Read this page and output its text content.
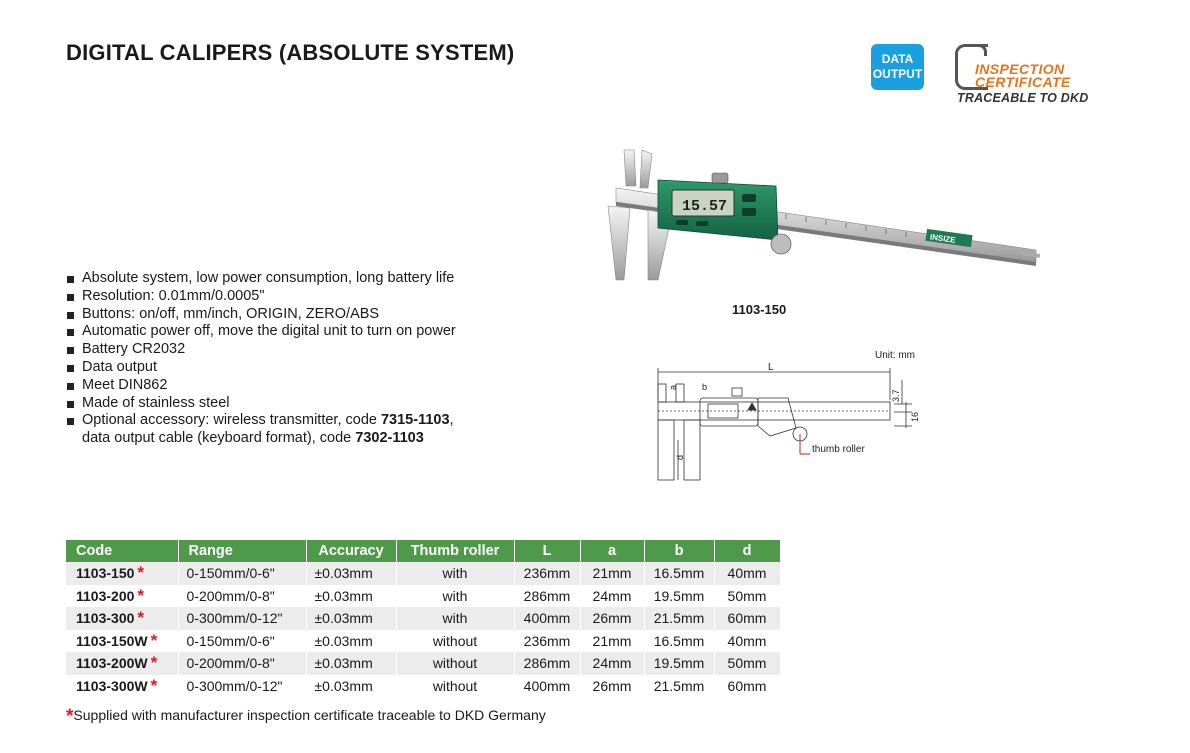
DIGITAL CALIPERS (ABSOLUTE SYSTEM)	DATA
OUTPUT	INSPECTION
CERTIFICATE
TRACEABLE TO DKD
15.57
INSIZE
1103-150
Absolute system, low power consumption, long battery life
Resolution: 0.01mm/0.0005"
Buttons: on/off, mm/inch, ORIGIN, ZERO/ABS
Automatic power off, move the digital unit to turn on power
Battery CR2032
Data output
Meet DIN862
Made of stainless steel
Optional accessory: wireless transmitter, code 7315-1103,
data output cable (keyboard format), code 7302-1103
Unit: mm
L
a	b
d
3.7
16
thumb roller
Code	Range	Accuracy	Thumb roller	L	a	b	d
1103-150 *	0-150mm/0-6"	±0.03mm	with	236mm	21mm	16.5mm	40mm
1103-200 *	0-200mm/0-8"	±0.03mm	with	286mm	24mm	19.5mm	50mm
1103-300 *	0-300mm/0-12"	±0.03mm	with	400mm	26mm	21.5mm	60mm
1103-150W *	0-150mm/0-6"	±0.03mm	without	236mm	21mm	16.5mm	40mm
1103-200W *	0-200mm/0-8"	±0.03mm	without	286mm	24mm	19.5mm	50mm
1103-300W *	0-300mm/0-12"	±0.03mm	without	400mm	26mm	21.5mm	60mm
*Supplied with manufacturer inspection certificate traceable to DKD Germany
